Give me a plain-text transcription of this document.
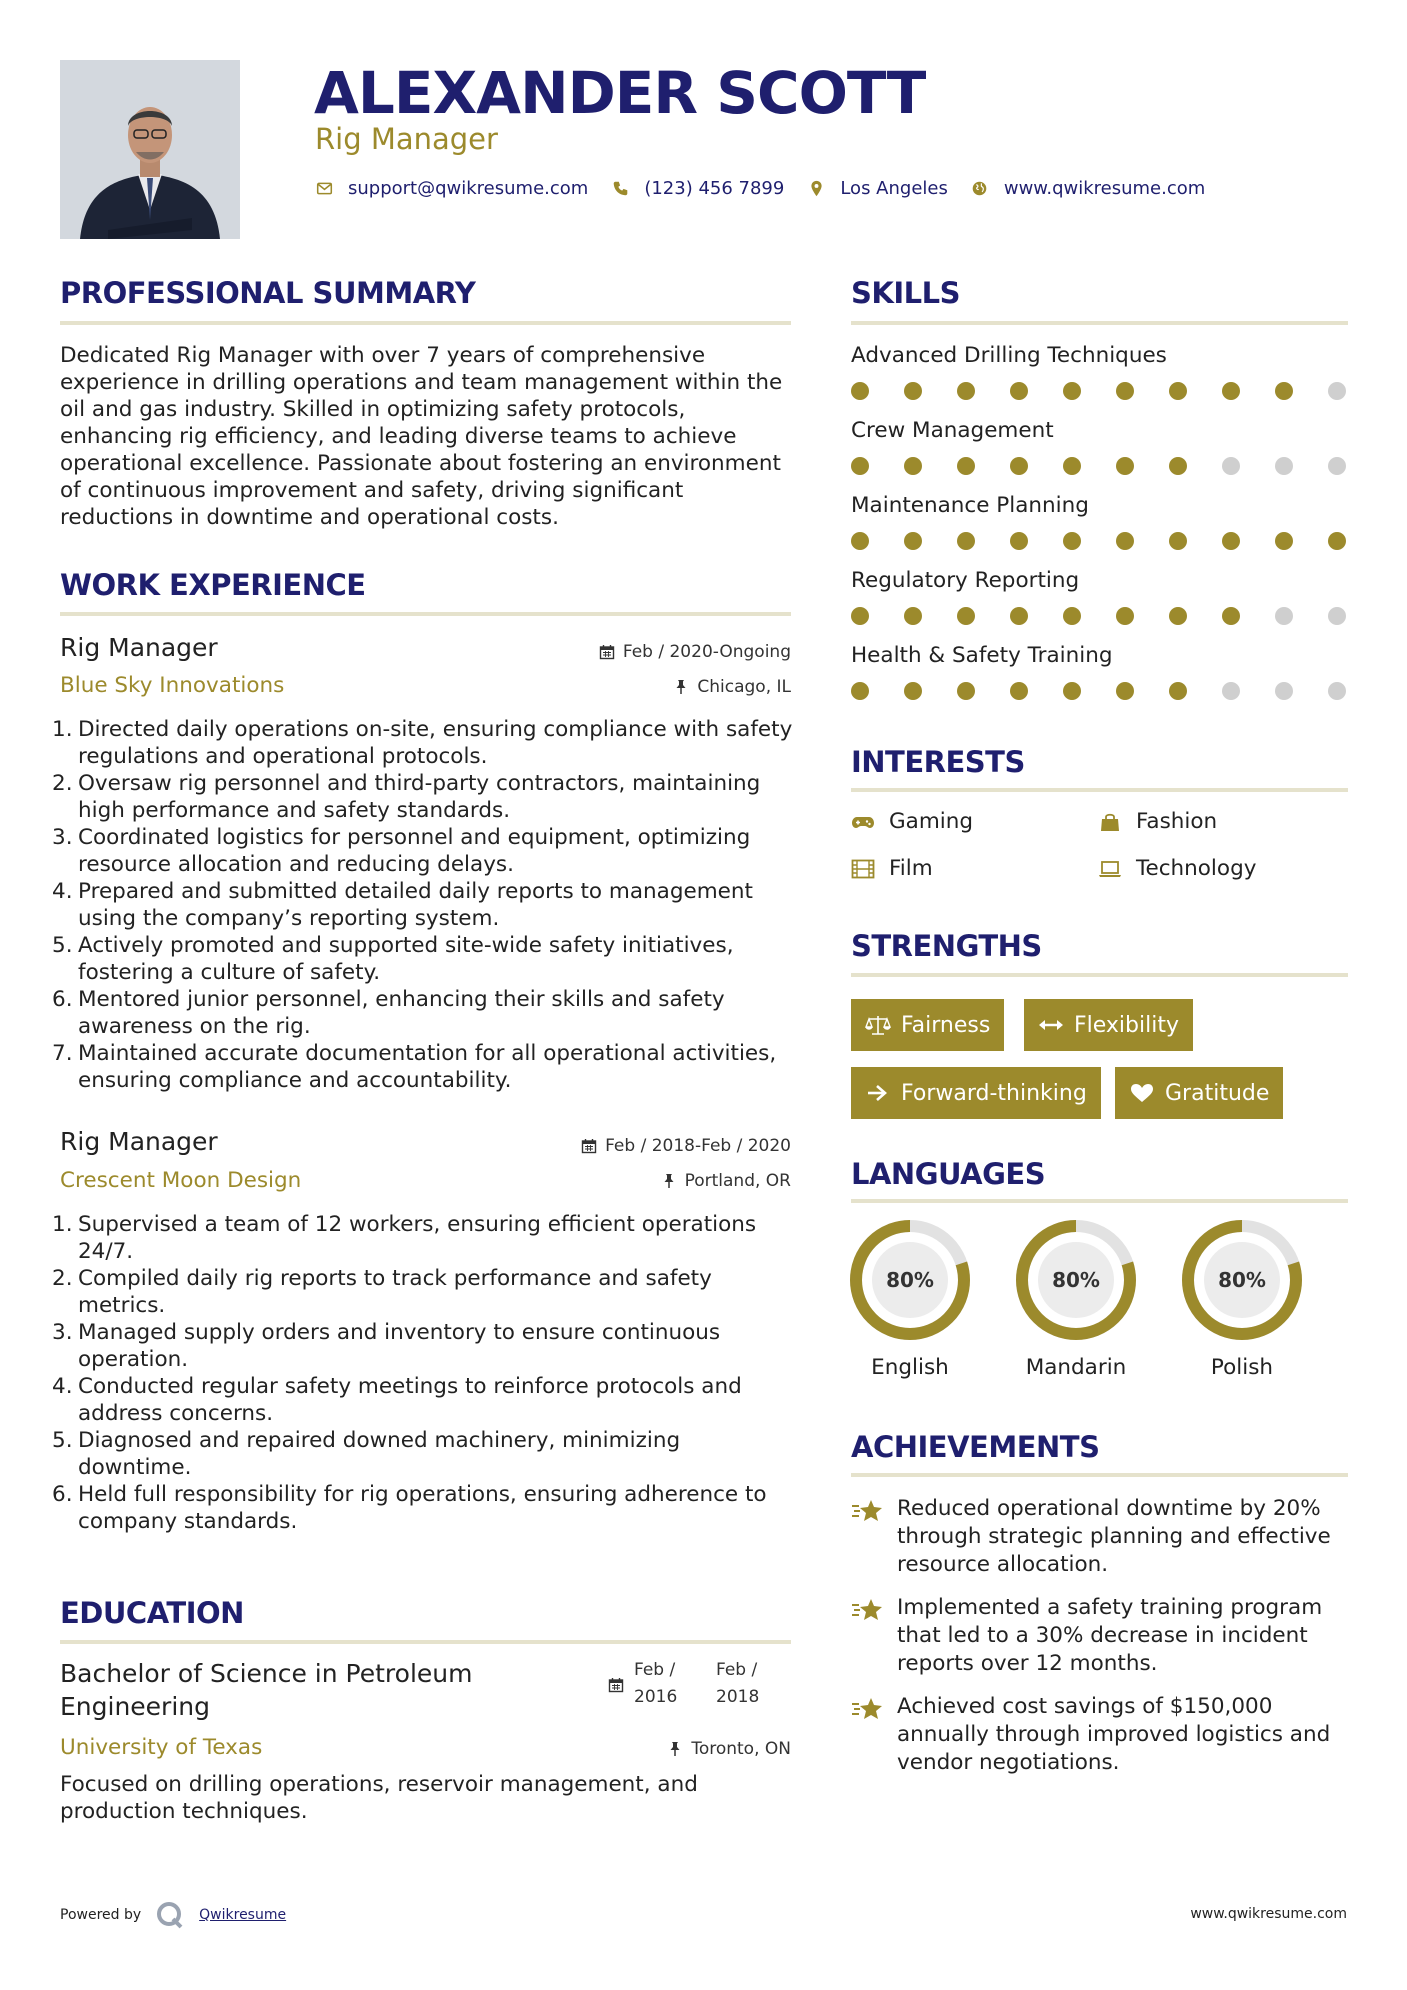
ALEXANDER SCOTT
Rig Manager
support@qwikresume.com	(123) 456 7899	Los Angeles	www.qwikresume.com
PROFESSIONAL SUMMARY
Dedicated Rig Manager with over 7 years of comprehensive experience in drilling operations and team management within the oil and gas industry. Skilled in optimizing safety protocols, enhancing rig efficiency, and leading diverse teams to achieve operational excellence. Passionate about fostering an environment of continuous improvement and safety, driving significant reductions in downtime and operational costs.
WORK EXPERIENCE
Rig Manager	Feb / 2020-Ongoing
Blue Sky Innovations	Chicago, IL
Directed daily operations on-site, ensuring compliance with safety regulations and operational protocols.
Oversaw rig personnel and third-party contractors, maintaining high performance and safety standards.
Coordinated logistics for personnel and equipment, optimizing resource allocation and reducing delays.
Prepared and submitted detailed daily reports to management using the company’s reporting system.
Actively promoted and supported site-wide safety initiatives, fostering a culture of safety.
Mentored junior personnel, enhancing their skills and safety awareness on the rig.
Maintained accurate documentation for all operational activities, ensuring compliance and accountability.
Rig Manager	Feb / 2018-Feb / 2020
Crescent Moon Design	Portland, OR
Supervised a team of 12 workers, ensuring efficient operations 24/7.
Compiled daily rig reports to track performance and safety metrics.
Managed supply orders and inventory to ensure continuous operation.
Conducted regular safety meetings to reinforce protocols and address concerns.
Diagnosed and repaired downed machinery, minimizing downtime.
Held full responsibility for rig operations, ensuring adherence to company standards.
EDUCATION
Bachelor of Science in Petroleum Engineering
Feb /
2016
Feb /
2018
University of Texas	Toronto, ON
Focused on drilling operations, reservoir management, and production techniques.
SKILLS
Advanced Drilling Techniques
Crew Management
Maintenance Planning
Regulatory Reporting
Health & Safety Training
INTERESTS
Gaming	Fashion
Film	Technology
STRENGTHS
Fairness	Flexibility
Forward-thinking	Gratitude
LANGUAGES
80%
English
80%
Mandarin
80%
Polish
ACHIEVEMENTS
Reduced operational downtime by 20% through strategic planning and effective resource allocation.
Implemented a safety training program that led to a 30% decrease in incident reports over 12 months.
Achieved cost savings of $150,000 annually through improved logistics and vendor negotiations.
Powered by	Qwikresume	www.qwikresume.com
